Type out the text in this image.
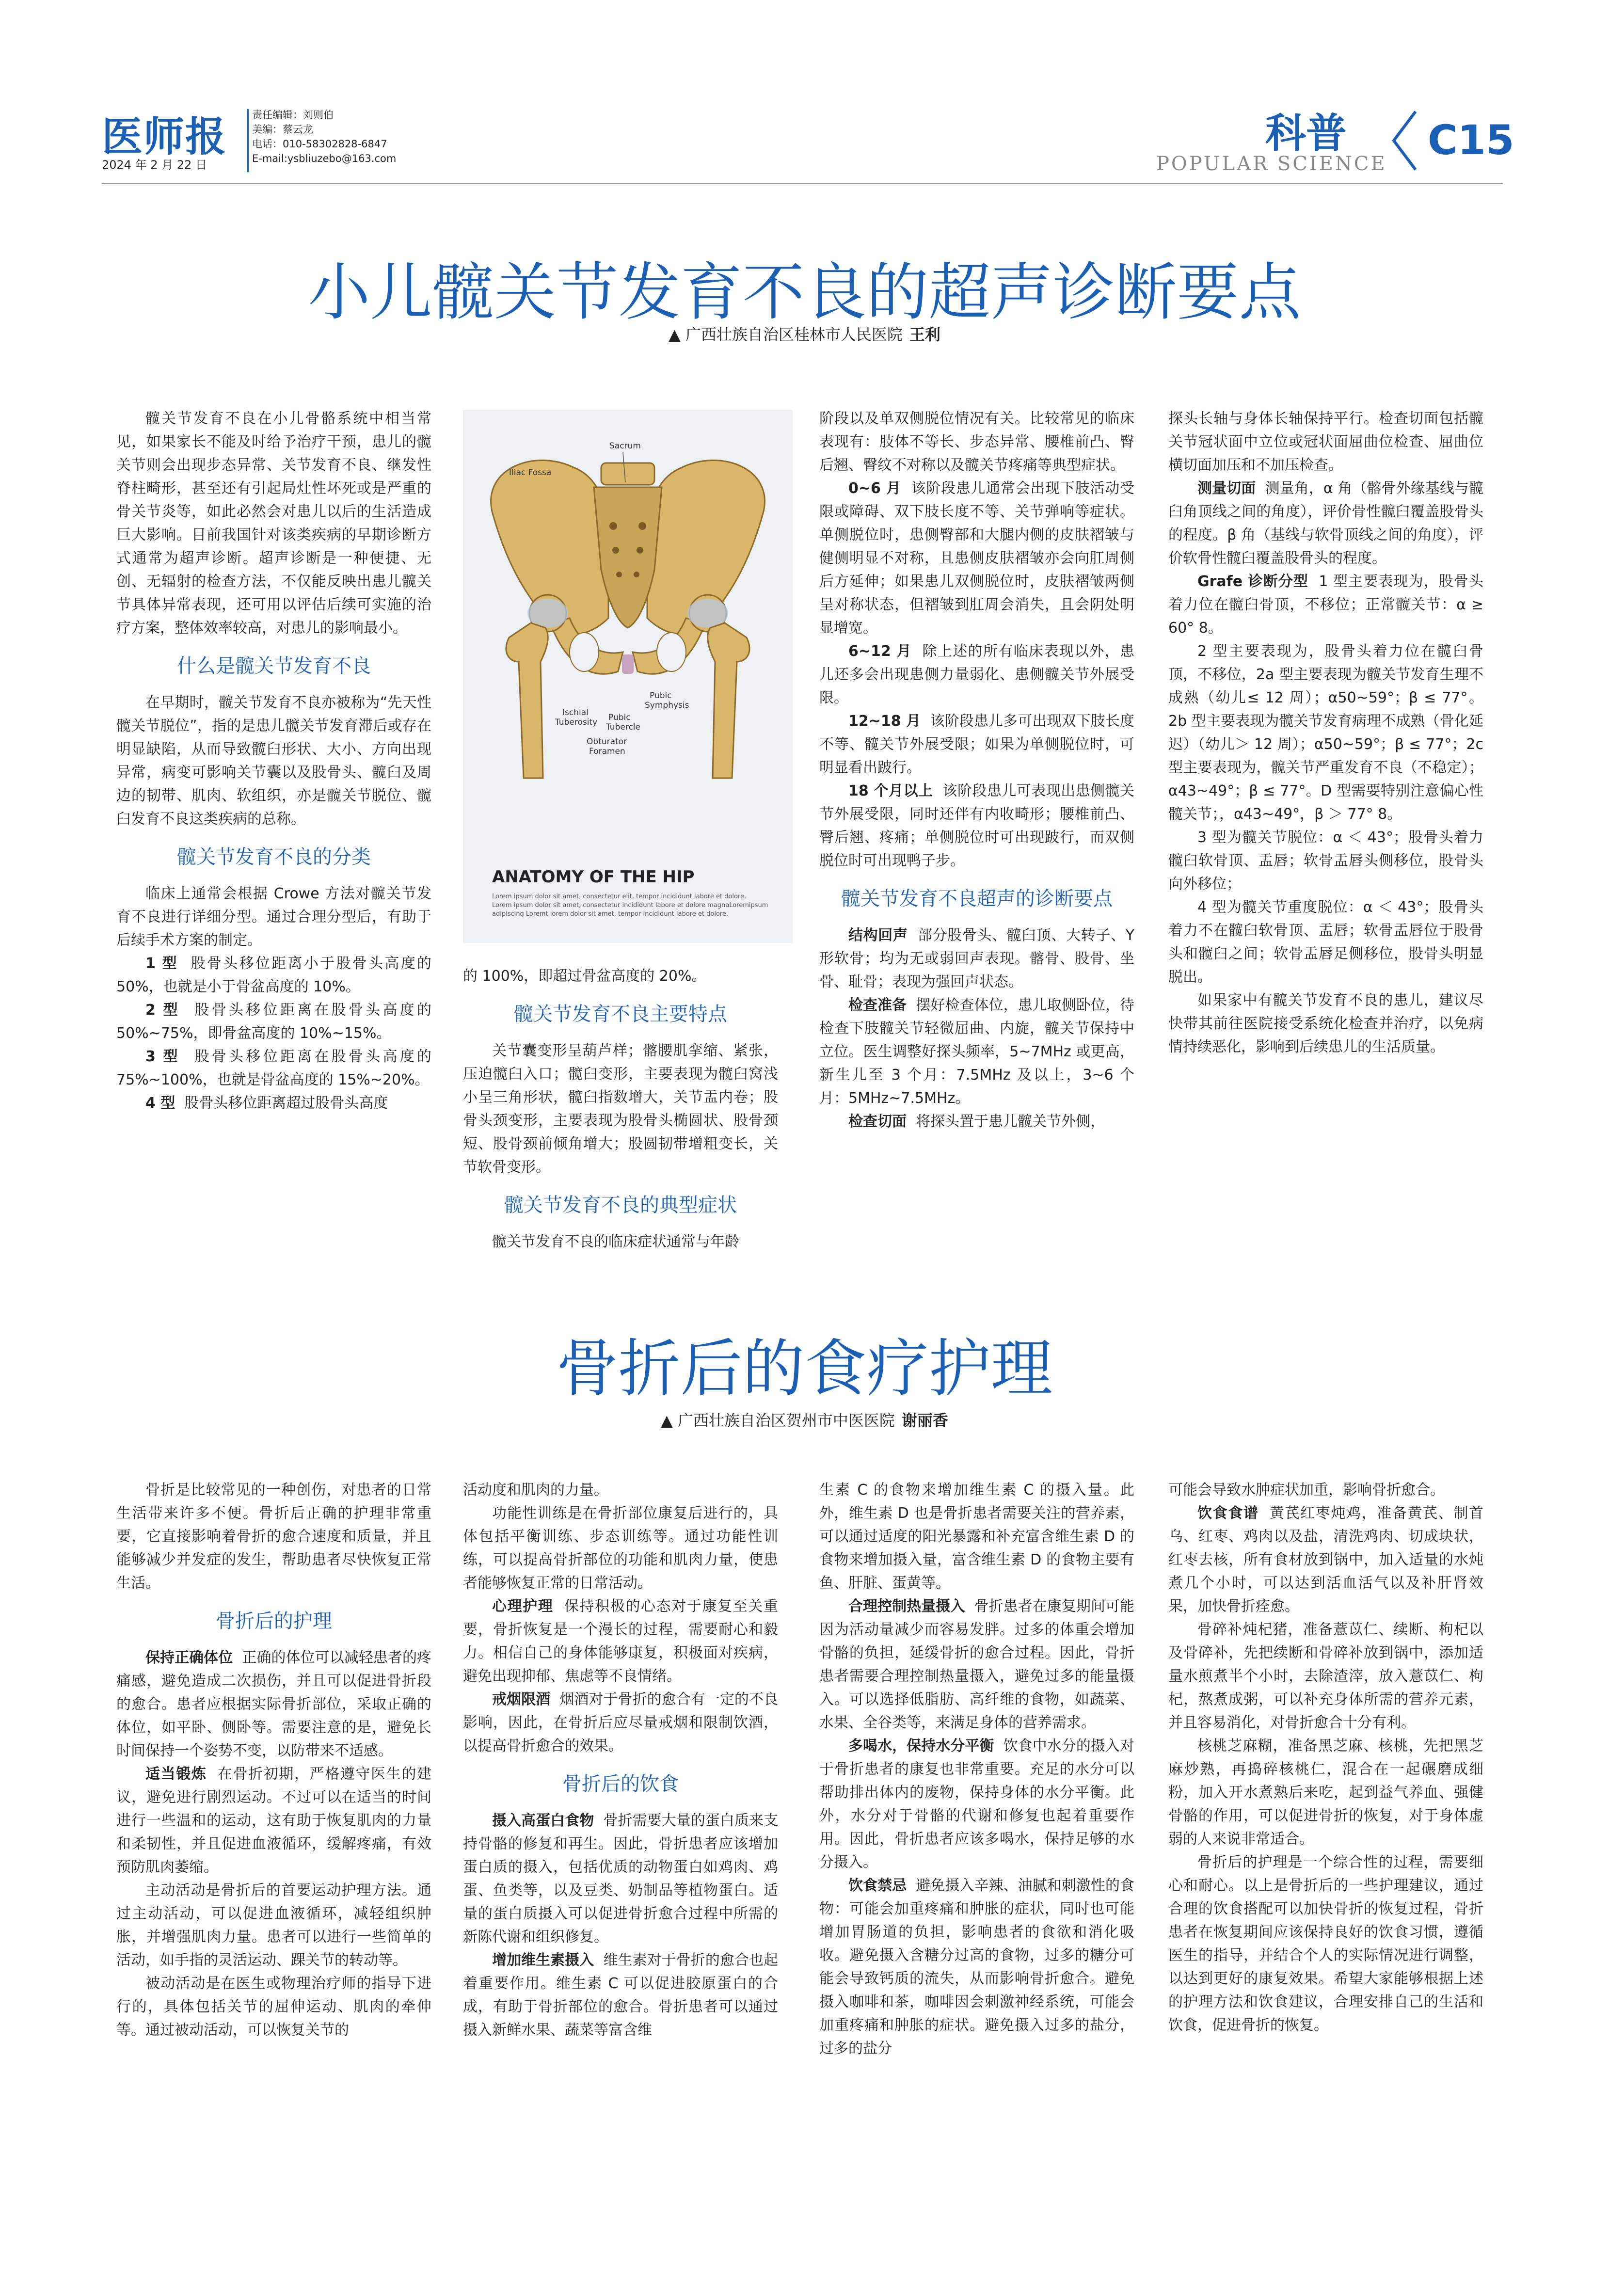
医师报
2024 年 2 月 22 日
责任编辑：刘则伯
美编：蔡云龙
电话：010-58302828-6847
E-mail:ysbliuzebo@163.com
科普
POPULAR SCIENCE C15
小儿髋关节发育不良的超声诊断要点
▲ 广西壮族自治区桂林市人民医院 王利

髋关节发育不良在小儿骨骼系统中相当常见，如果家长不能及时给予治疗干预，患儿的髋关节则会出现步态异常、关节发育不良、继发性脊柱畸形，甚至还有引起局灶性坏死或是严重的骨关节炎等，如此必然会对患儿以后的生活造成巨大影响。目前我国针对该类疾病的早期诊断方式通常为超声诊断。超声诊断是一种便捷、无创、无辐射的检查方法，不仅能反映出患儿髋关节具体异常表现，还可用以评估后续可实施的治疗方案，整体效率较高，对患儿的影响最小。

什么是髋关节发育不良

在早期时，髋关节发育不良亦被称为“先天性髋关节脱位”，指的是患儿髋关节发育滞后或存在明显缺陷，从而导致髋臼形状、大小、方向出现异常，病变可影响关节囊以及股骨头、髋臼及周边的韧带、肌肉、软组织，亦是髋关节脱位、髋臼发育不良这类疾病的总称。

髋关节发育不良的分类

临床上通常会根据 Crowe 方法对髋关节发育不良进行详细分型。通过合理分型后，有助于后续手术方案的制定。

1 型 股骨头移位距离小于股骨头高度的 50%，也就是小于骨盆高度的 10%。

2 型 股骨头移位距离在股骨头高度的 50%~75%，即骨盆高度的 10%~15%。

3 型 股骨头移位距离在股骨头高度的 75%~100%，也就是骨盆高度的 15%~20%。

4 型 股骨头移位距离超过股骨头高度

Sacrum
Iliac Fossa
Pubic
Symphysis
Ischial
Tuberosity Pubic
Tubercle
Obturator
Foramen
ANATOMY OF THE HIP
Lorem ipsum dolor sit amet, consectetur elit, tempor incididunt labore et dolore.
Lorem ipsum dolor sit amet, consectetur incididunt labore et dolore magnaLoremipsum
adipiscing Loremt lorem dolor sit amet, tempor incididunt labore et dolore.

的 100%，即超过骨盆高度的 20%。

髋关节发育不良主要特点

关节囊变形呈葫芦样；髂腰肌挛缩、紧张，压迫髋臼入口；髋臼变形，主要表现为髋臼窝浅小呈三角形状，髋臼指数增大，关节盂内卷；股骨头颈变形，主要表现为股骨头椭圆状、股骨颈短、股骨颈前倾角增大；股圆韧带增粗变长，关节软骨变形。

髋关节发育不良的典型症状

髋关节发育不良的临床症状通常与年龄

阶段以及单双侧脱位情况有关。比较常见的临床表现有：肢体不等长、步态异常、腰椎前凸、臀后翘、臀纹不对称以及髋关节疼痛等典型症状。

0~6 月 该阶段患儿通常会出现下肢活动受限或障碍、双下肢长度不等、关节弹响等症状。单侧脱位时，患侧臀部和大腿内侧的皮肤褶皱与健侧明显不对称，且患侧皮肤褶皱亦会向肛周侧后方延伸；如果患儿双侧脱位时，皮肤褶皱两侧呈对称状态，但褶皱到肛周会消失，且会阴处明显增宽。

6~12 月 除上述的所有临床表现以外，患儿还多会出现患侧力量弱化、患侧髋关节外展受限。

12~18 月 该阶段患儿多可出现双下肢长度不等、髋关节外展受限；如果为单侧脱位时，可明显看出跛行。

18 个月以上 该阶段患儿可表现出患侧髋关节外展受限，同时还伴有内收畸形；腰椎前凸、臀后翘、疼痛；单侧脱位时可出现跛行，而双侧脱位时可出现鸭子步。

髋关节发育不良超声的诊断要点

结构回声 部分股骨头、髋臼顶、大转子、Y 形软骨；均为无或弱回声表现。髂骨、股骨、坐骨、耻骨；表现为强回声状态。

检查准备 摆好检查体位，患儿取侧卧位，待检查下肢髋关节轻微屈曲、内旋，髋关节保持中立位。医生调整好探头频率，5~7MHz 或更高，新生儿至 3 个月：7.5MHz 及以上，3~6 个月：5MHz~7.5MHz。

检查切面 将探头置于患儿髋关节外侧，

探头长轴与身体长轴保持平行。检查切面包括髋关节冠状面中立位或冠状面屈曲位检查、屈曲位横切面加压和不加压检查。

测量切面 测量角，α 角（髂骨外缘基线与髋臼角顶线之间的角度），评价骨性髋臼覆盖股骨头的程度。β 角（基线与软骨顶线之间的角度），评价软骨性髋臼覆盖股骨头的程度。

Grafe 诊断分型 1 型主要表现为，股骨头着力位在髋臼骨顶，不移位；正常髋关节：α ≥ 60° 8。

2 型主要表现为，股骨头着力位在髋臼骨顶，不移位，2a 型主要表现为髋关节发育生理不成熟（幼儿≤ 12 周）；α50~59°；β ≤ 77°。2b 型主要表现为髋关节发育病理不成熟（骨化延迟）（幼儿＞ 12 周）；α50~59°；β ≤ 77°；2c 型主要表现为，髋关节严重发育不良（不稳定）；α43~49°；β ≤ 77°。D 型需要特别注意偏心性髋关节；，α43~49°，β ＞ 77° 8。

3 型为髋关节脱位：α ＜ 43°；股骨头着力髋臼软骨顶、盂唇；软骨盂唇头侧移位，股骨头向外移位；

4 型为髋关节重度脱位：α ＜ 43°；股骨头着力不在髋臼软骨顶、盂唇；软骨盂唇位于股骨头和髋臼之间；软骨盂唇足侧移位，股骨头明显脱出。

如果家中有髋关节发育不良的患儿，建议尽快带其前往医院接受系统化检查并治疗，以免病情持续恶化，影响到后续患儿的生活质量。

骨折后的食疗护理
▲ 广西壮族自治区贺州市中医医院 谢丽香

骨折是比较常见的一种创伤，对患者的日常生活带来许多不便。骨折后正确的护理非常重要，它直接影响着骨折的愈合速度和质量，并且能够减少并发症的发生，帮助患者尽快恢复正常生活。

骨折后的护理

保持正确体位 正确的体位可以减轻患者的疼痛感，避免造成二次损伤，并且可以促进骨折段的愈合。患者应根据实际骨折部位，采取正确的体位，如平卧、侧卧等。需要注意的是，避免长时间保持一个姿势不变，以防带来不适感。

适当锻炼 在骨折初期，严格遵守医生的建议，避免进行剧烈运动。不过可以在适当的时间进行一些温和的运动，这有助于恢复肌肉的力量和柔韧性，并且促进血液循环，缓解疼痛，有效预防肌肉萎缩。

主动活动是骨折后的首要运动护理方法。通过主动活动，可以促进血液循环，减轻组织肿胀，并增强肌肉力量。患者可以进行一些简单的活动，如手指的灵活运动、踝关节的转动等。

被动活动是在医生或物理治疗师的指导下进行的，具体包括关节的屈伸运动、肌肉的牵伸等。通过被动活动，可以恢复关节的

活动度和肌肉的力量。

功能性训练是在骨折部位康复后进行的，具体包括平衡训练、步态训练等。通过功能性训练，可以提高骨折部位的功能和肌肉力量，使患者能够恢复正常的日常活动。

心理护理 保持积极的心态对于康复至关重要，骨折恢复是一个漫长的过程，需要耐心和毅力。相信自己的身体能够康复，积极面对疾病，避免出现抑郁、焦虑等不良情绪。

戒烟限酒 烟酒对于骨折的愈合有一定的不良影响，因此，在骨折后应尽量戒烟和限制饮酒，以提高骨折愈合的效果。

骨折后的饮食

摄入高蛋白食物 骨折需要大量的蛋白质来支持骨骼的修复和再生。因此，骨折患者应该增加蛋白质的摄入，包括优质的动物蛋白如鸡肉、鸡蛋、鱼类等，以及豆类、奶制品等植物蛋白。适量的蛋白质摄入可以促进骨折愈合过程中所需的新陈代谢和组织修复。

增加维生素摄入 维生素对于骨折的愈合也起着重要作用。维生素 C 可以促进胶原蛋白的合成，有助于骨折部位的愈合。骨折患者可以通过摄入新鲜水果、蔬菜等富含维

生素 C 的食物来增加维生素 C 的摄入量。此外，维生素 D 也是骨折患者需要关注的营养素，可以通过适度的阳光暴露和补充富含维生素 D 的食物来增加摄入量，富含维生素 D 的食物主要有鱼、肝脏、蛋黄等。

合理控制热量摄入 骨折患者在康复期间可能因为活动量减少而容易发胖。过多的体重会增加骨骼的负担，延缓骨折的愈合过程。因此，骨折患者需要合理控制热量摄入，避免过多的能量摄入。可以选择低脂肪、高纤维的食物，如蔬菜、水果、全谷类等，来满足身体的营养需求。

多喝水，保持水分平衡 饮食中水分的摄入对于骨折患者的康复也非常重要。充足的水分可以帮助排出体内的废物，保持身体的水分平衡。此外，水分对于骨骼的代谢和修复也起着重要作用。因此，骨折患者应该多喝水，保持足够的水分摄入。

饮食禁忌 避免摄入辛辣、油腻和刺激性的食物：可能会加重疼痛和肿胀的症状，同时也可能增加胃肠道的负担，影响患者的食欲和消化吸收。避免摄入含糖分过高的食物，过多的糖分可能会导致钙质的流失，从而影响骨折愈合。避免摄入咖啡和茶，咖啡因会刺激神经系统，可能会加重疼痛和肿胀的症状。避免摄入过多的盐分，过多的盐分

可能会导致水肿症状加重，影响骨折愈合。

饮食食谱 黄芪红枣炖鸡，准备黄芪、制首乌、红枣、鸡肉以及盐，清洗鸡肉、切成块状，红枣去核，所有食材放到锅中，加入适量的水炖煮几个小时，可以达到活血活气以及补肝肾效果，加快骨折痊愈。

骨碎补炖杞猪，准备薏苡仁、续断、枸杞以及骨碎补，先把续断和骨碎补放到锅中，添加适量水煎煮半个小时，去除渣滓，放入薏苡仁、枸杞，熬煮成粥，可以补充身体所需的营养元素，并且容易消化，对骨折愈合十分有利。

核桃芝麻糊，准备黑芝麻、核桃，先把黑芝麻炒熟，再捣碎核桃仁，混合在一起碾磨成细粉，加入开水煮熟后来吃，起到益气养血、强健骨骼的作用，可以促进骨折的恢复，对于身体虚弱的人来说非常适合。

骨折后的护理是一个综合性的过程，需要细心和耐心。以上是骨折后的一些护理建议，通过合理的饮食搭配可以加快骨折的恢复过程，骨折患者在恢复期间应该保持良好的饮食习惯，遵循医生的指导，并结合个人的实际情况进行调整，以达到更好的康复效果。希望大家能够根据上述的护理方法和饮食建议，合理安排自己的生活和饮食，促进骨折的恢复。
